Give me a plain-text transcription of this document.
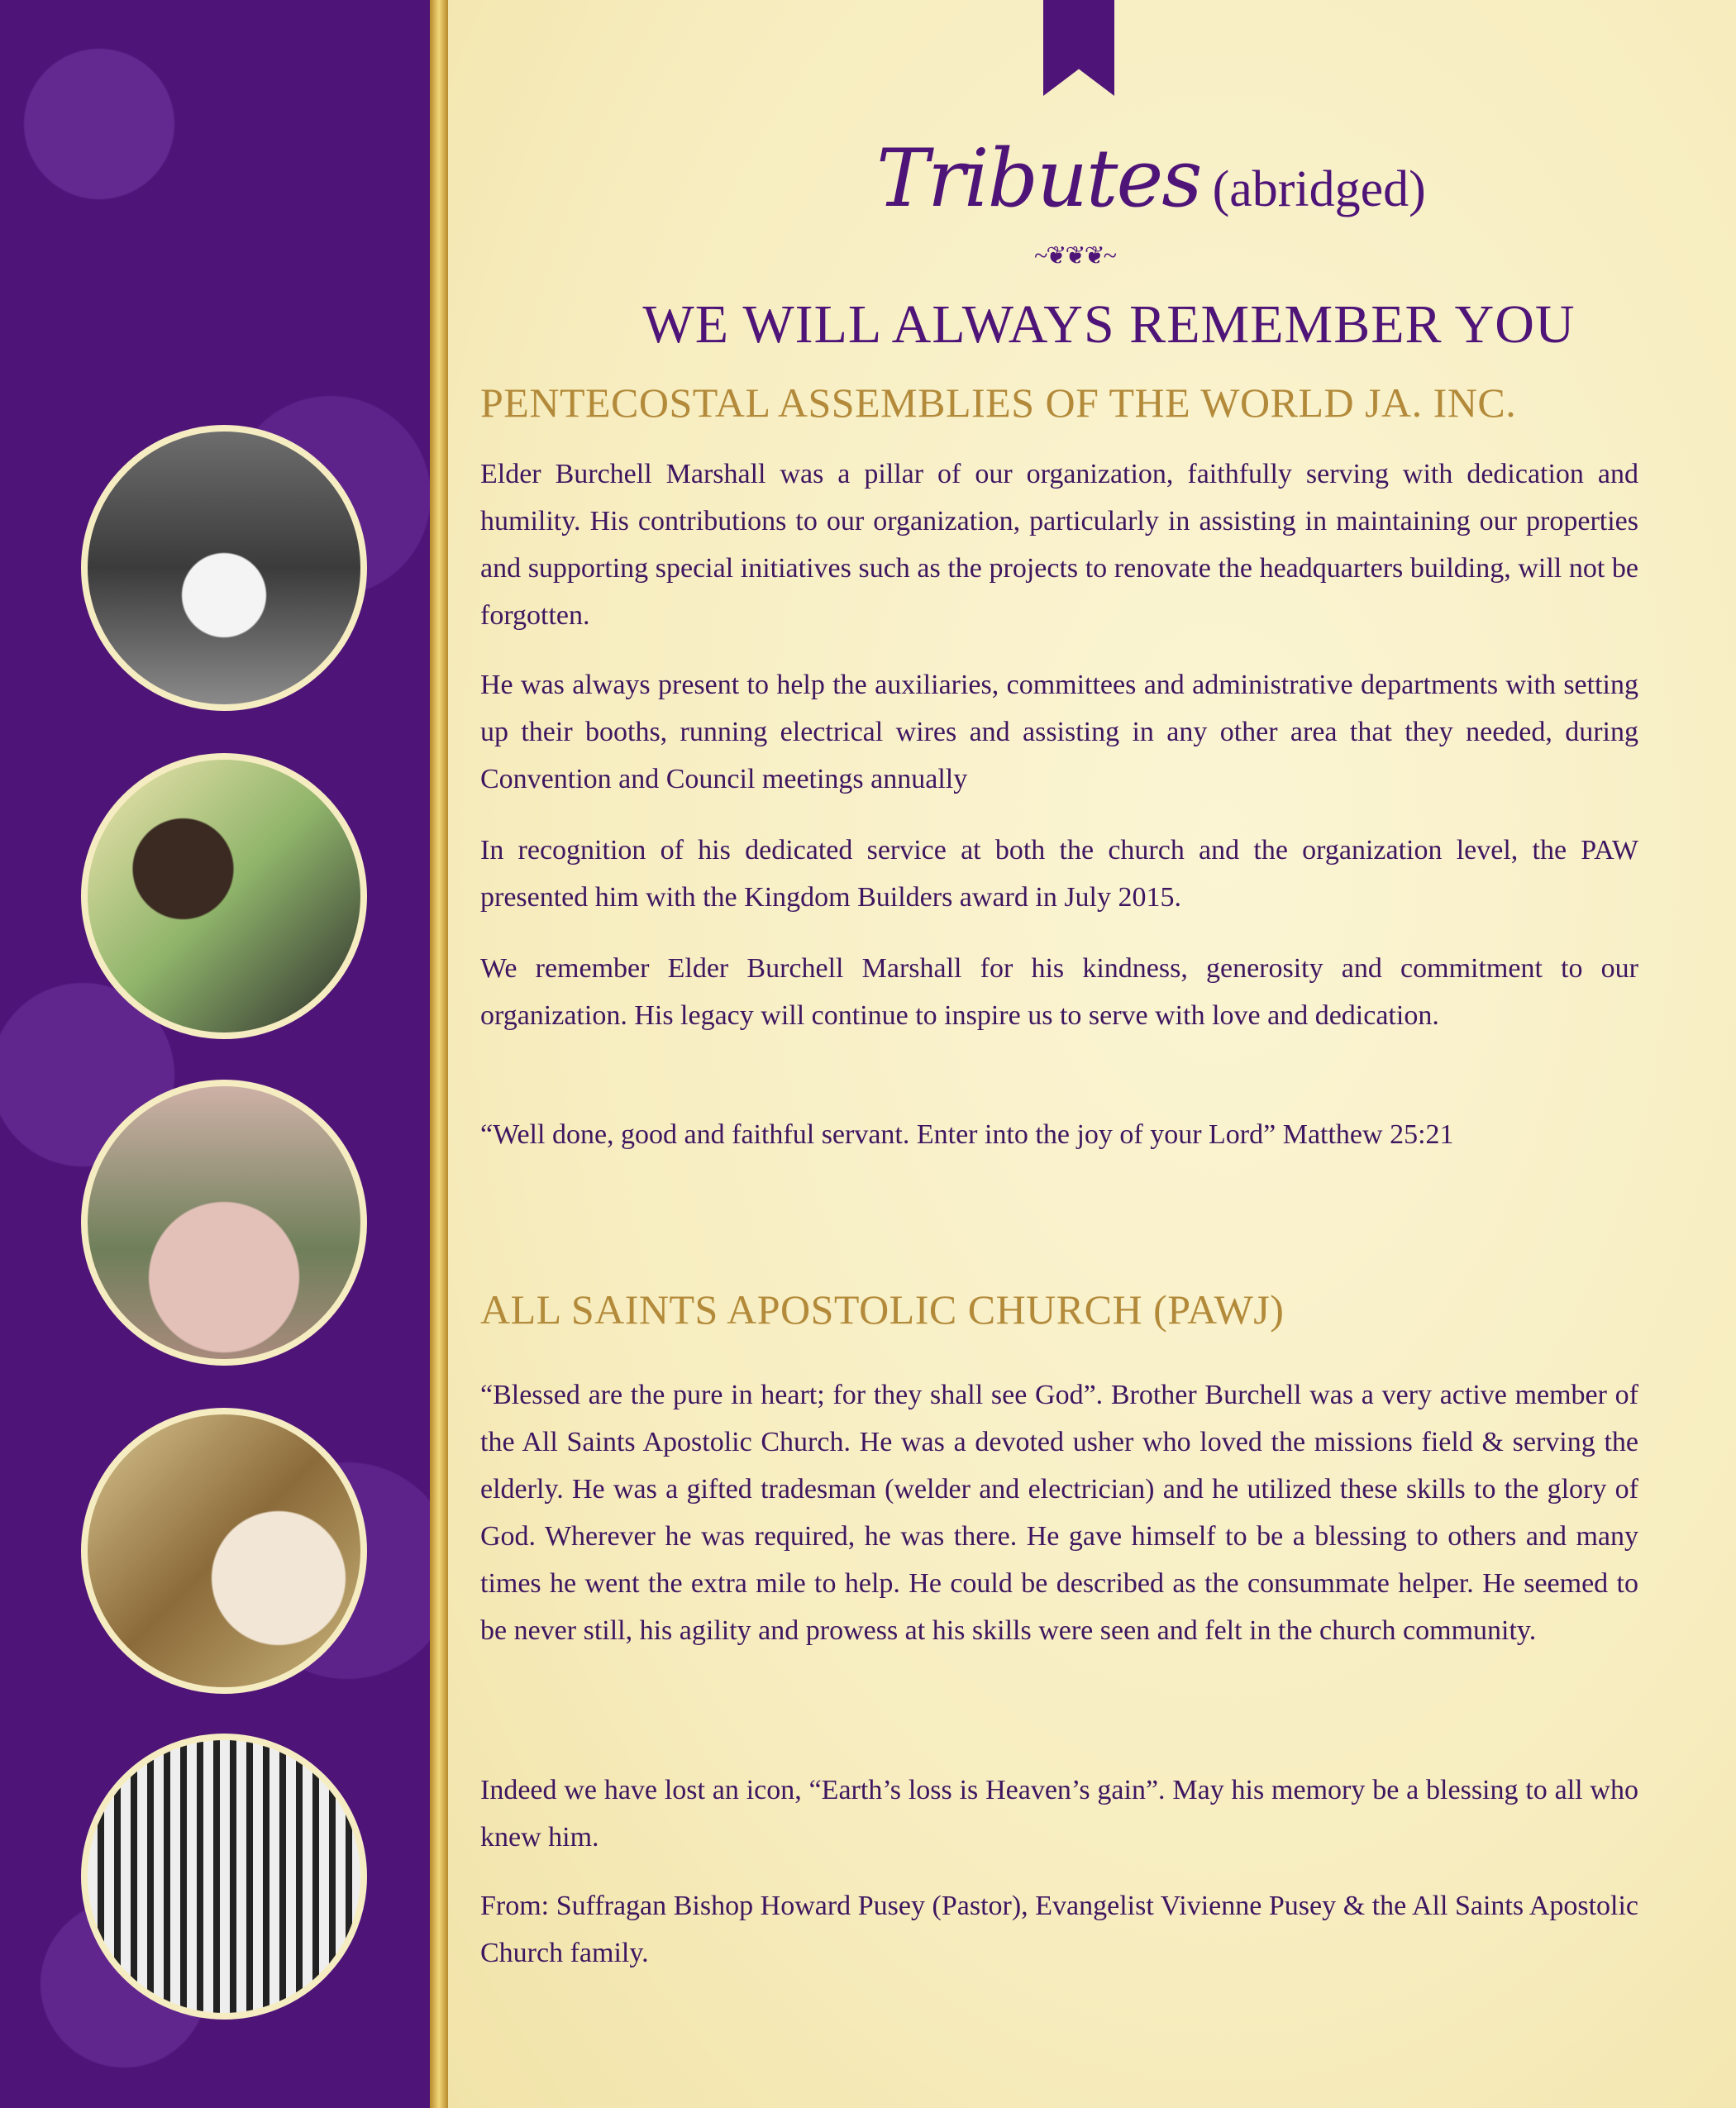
Tributes (abridged)
~❦❦❦~
WE WILL ALWAYS REMEMBER YOU
PENTECOSTAL ASSEMBLIES OF THE WORLD JA. INC.

Elder Burchell Marshall was a pillar of our organization, faithfully serving with dedication and humility. His contributions to our organization, particularly in assisting in maintaining our properties and supporting special initiatives such as the projects to renovate the headquarters building, will not be forgotten.

He was always present to help the auxiliaries, committees and administrative departments with setting up their booths, running electrical wires and assisting in any other area that they needed, during Convention and Council meetings annually

In recognition of his dedicated service at both the church and the organization level, the PAW presented him with the Kingdom Builders award in July 2015.

We remember Elder Burchell Marshall for his kindness, generosity and commitment to our organization. His legacy will continue to inspire us to serve with love and dedication.

“Well done, good and faithful servant. Enter into the joy of your Lord” Matthew 25:21

ALL SAINTS APOSTOLIC CHURCH (PAWJ)

“Blessed are the pure in heart; for they shall see God”. Brother Burchell was a very active member of the All Saints Apostolic Church. He was a devoted usher who loved the missions field & serving the elderly. He was a gifted tradesman (welder and electrician) and he utilized these skills to the glory of God. Wherever he was required, he was there. He gave himself to be a blessing to others and many times he went the extra mile to help. He could be described as the consummate helper. He seemed to be never still, his agility and prowess at his skills were seen and felt in the church community.

Indeed we have lost an icon, “Earth’s loss is Heaven’s gain”. May his memory be a blessing to all who knew him.

From: Suffragan Bishop Howard Pusey (Pastor), Evangelist Vivienne Pusey & the All Saints Apostolic Church family.
